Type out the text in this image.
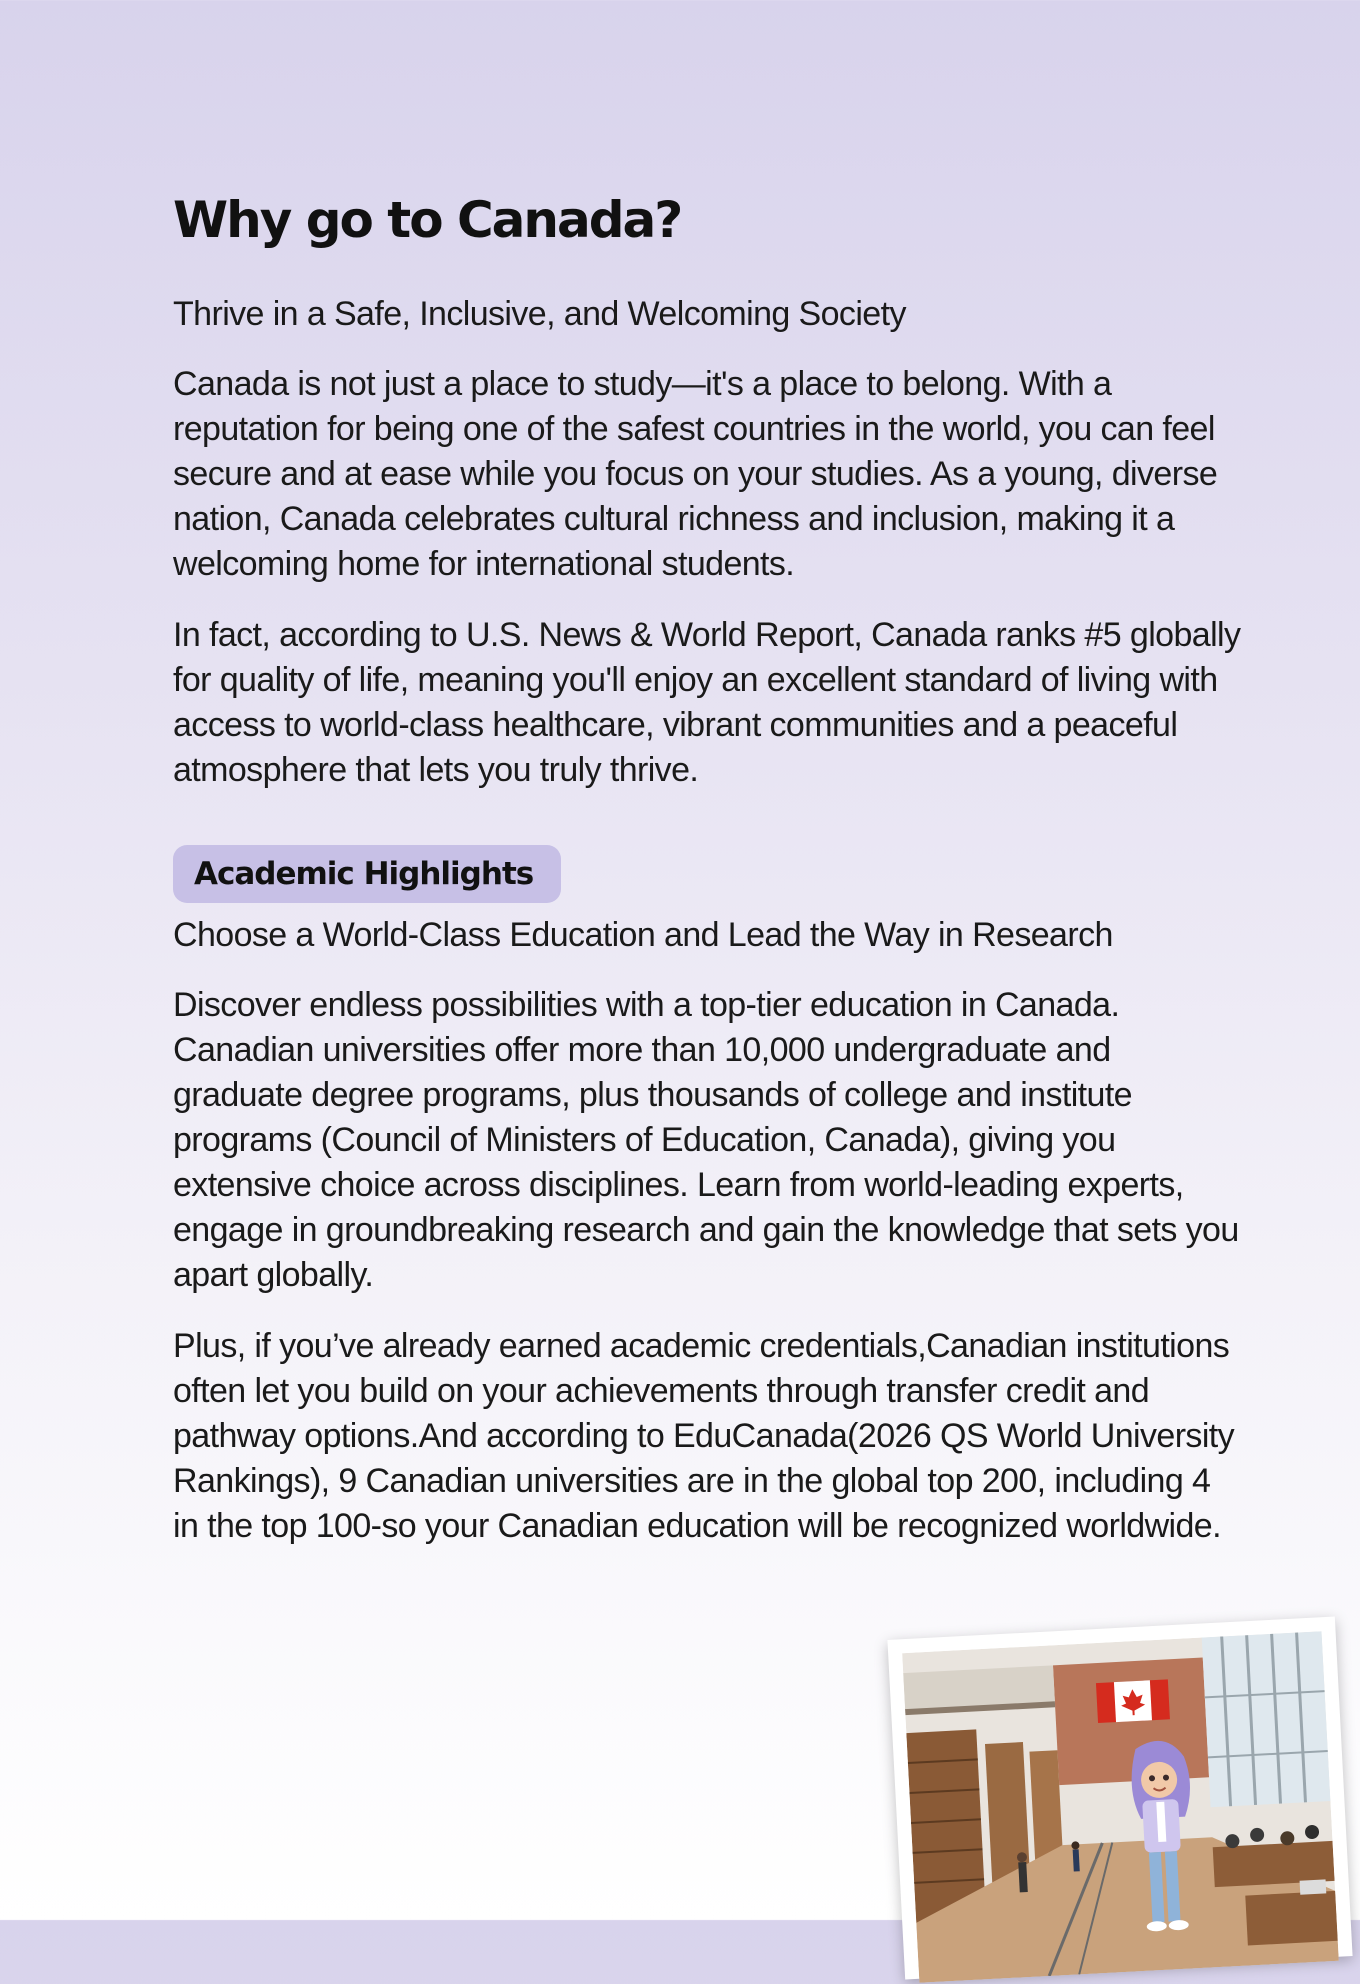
Why go to Canada?

Thrive in a Safe, Inclusive, and Welcoming Society

Canada is not just a place to study—it's a place to belong. With a reputation for being one of the safest countries in the world, you can feel secure and at ease while you focus on your studies. As a young, diverse nation, Canada celebrates cultural richness and inclusion, making it a welcoming home for international students.

In fact, according to U.S. News & World Report, Canada ranks #5 globally for quality of life, meaning you'll enjoy an excellent standard of living with access to world-class healthcare, vibrant communities and a peaceful atmosphere that lets you truly thrive.

Academic Highlights

Choose a World-Class Education and Lead the Way in Research

Discover endless possibilities with a top-tier education in Canada. Canadian universities offer more than 10,000 undergraduate and graduate degree programs, plus thousands of college and institute programs (Council of Ministers of Education, Canada), giving you extensive choice across disciplines. Learn from world-leading experts, engage in groundbreaking research and gain the knowledge that sets you apart globally.

Plus, if you’ve already earned academic credentials,Canadian institutions often let you build on your achievements through transfer credit and pathway options.And according to EduCanada(2026 QS World University Rankings), 9 Canadian universities are in the global top 200, including 4 in the top 100-so your Canadian education will be recognized worldwide.
